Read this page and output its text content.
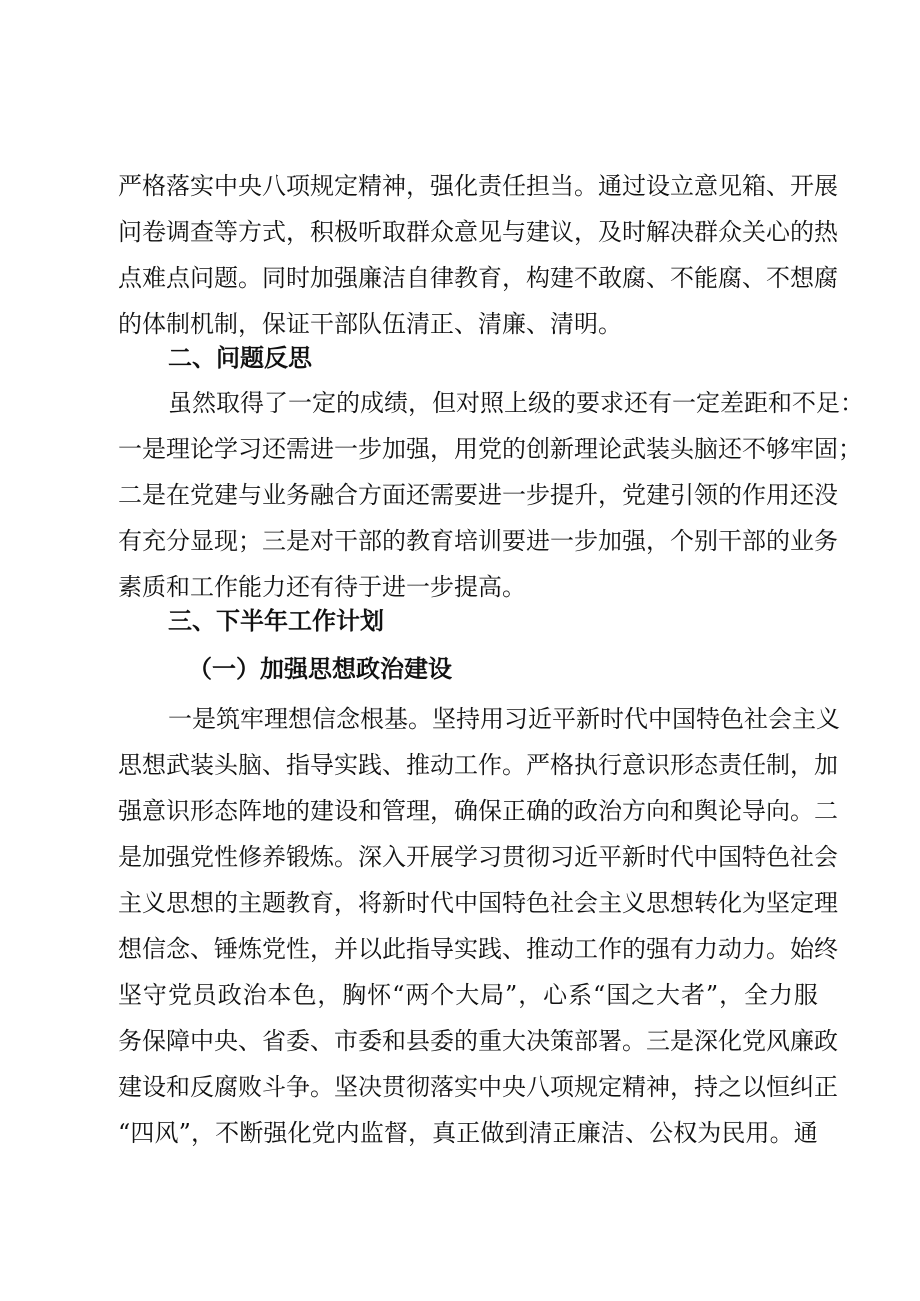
严 格 落 实 中 央 八 项 规 定 精 神 ， 强 化 责 任 担 当 。 通 过 设 立 意 见 箱 、 开 展
问 卷 调 查 等 方 式 ， 积 极 听 取 群 众 意 见 与 建 议 ， 及 时 解 决 群 众 关 心 的 热
点 难 点 问 题 。 同 时 加 强 廉 洁 自 律 教 育 ， 构 建 不 敢 腐 、 不 能 腐 、 不 想 腐
的体制机制，保证干部队伍清正、清廉、清明。
二、问题反思
虽 然 取 得 了 一 定 的 成 绩 ， 但 对 照 上 级 的 要 求 还 有 一 定 差 距 和 不 足 ：
一 是 理 论 学 习 还 需 进 一 步 加 强 ， 用 党 的 创 新 理 论 武 装 头 脑 还 不 够 牢 固 ；
二 是 在 党 建 与 业 务 融 合 方 面 还 需 要 进 一 步 提 升 ， 党 建 引 领 的 作 用 还 没
有 充 分 显 现 ； 三 是 对 干 部 的 教 育 培 训 要 进 一 步 加 强 ， 个 别 干 部 的 业 务
素质和工作能力还有待于进一步提高。
三、下半年工作计划
（一）加强思想政治建设
一 是 筑 牢 理 想 信 念 根 基 。 坚 持 用 习 近 平 新 时 代 中 国 特 色 社 会 主 义
思 想 武 装 头 脑 、 指 导 实 践 、 推 动 工 作 。 严 格 执 行 意 识 形 态 责 任 制 ， 加
强 意 识 形 态 阵 地 的 建 设 和 管 理 ， 确 保 正 确 的 政 治 方 向 和 舆 论 导 向 。 二
是 加 强 党 性 修 养 锻 炼 。 深 入 开 展 学 习 贯 彻 习 近 平 新 时 代 中 国 特 色 社 会
主 义 思 想 的 主 题 教 育 ， 将 新 时 代 中 国 特 色 社 会 主 义 思 想 转 化 为 坚 定 理
想 信 念 、 锤 炼 党 性 ， 并 以 此 指 导 实 践 、 推 动 工 作 的 强 有 力 动 力 。 始 终
坚 守 党 员 政 治 本 色 ， 胸 怀 “ 两 个 大 局 ” ， 心 系 “ 国 之 大 者 ” ， 全 力 服
务 保 障 中 央 、 省 委 、 市 委 和 县 委 的 重 大 决 策 部 署 。 三 是 深 化 党 风 廉 政
建 设 和 反 腐 败 斗 争 。 坚 决 贯 彻 落 实 中 央 八 项 规 定 精 神 ， 持 之 以 恒 纠 正
“ 四 风 ” ， 不 断 强 化 党 内 监 督 ， 真 正 做 到 清 正 廉 洁 、 公 权 为 民 用 。 通
